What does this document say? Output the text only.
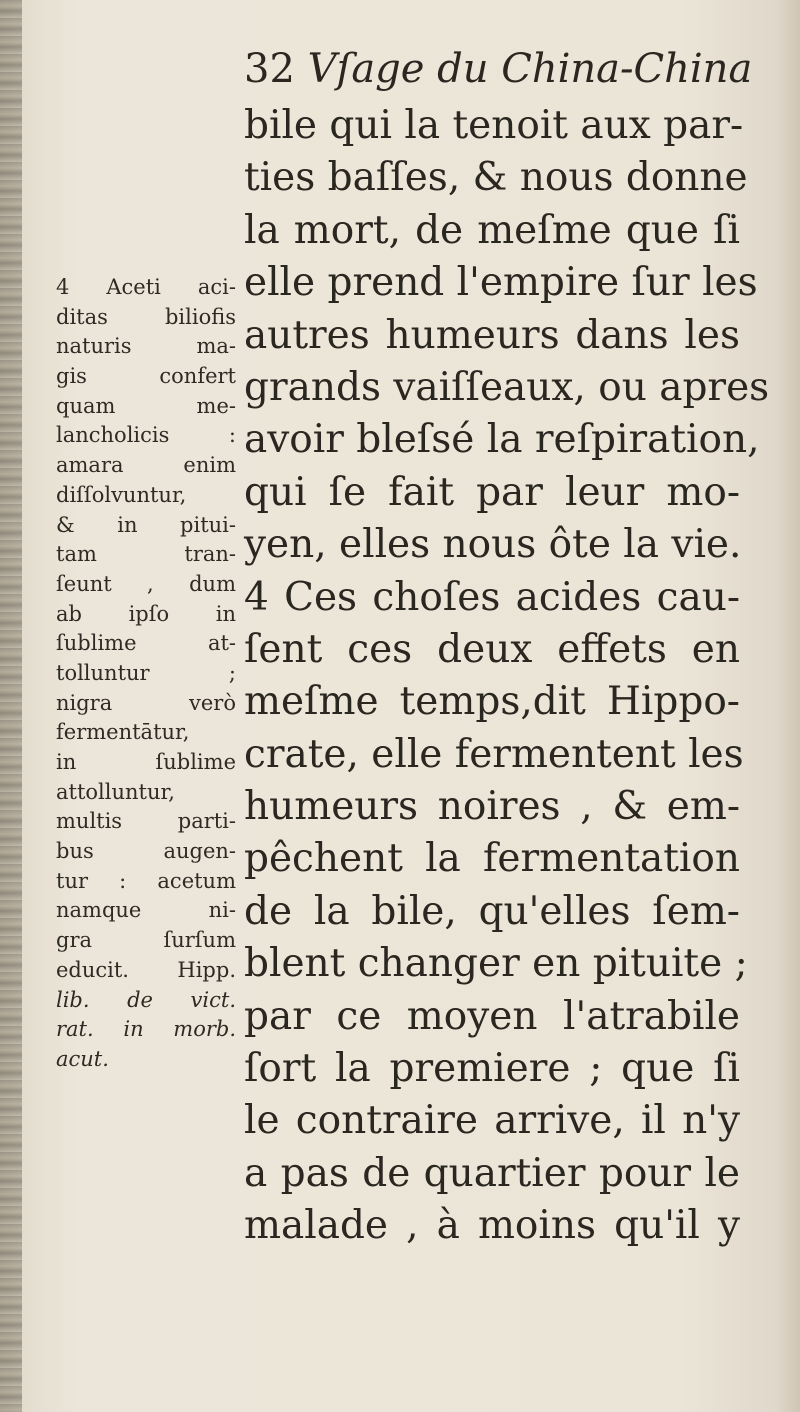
32 Vſage du China-China
bile qui la tenoit aux par-
ties baſſes, & nous donne
la mort, de meſme que ſi
elle prend l'empire ſur les
autres humeurs dans les
grands vaiſſeaux, ou apres
avoir bleſsé la reſpiration,
qui ſe fait par leur mo-
yen, elles nous ôte la vie.
4 Ces choſes acides cau-
ſent ces deux effets en
meſme temps,dit Hippo-
crate, elle fermentent les
humeurs noires , & em-
pêchent la fermentation
de la bile, qu'elles ſem-
blent changer en pituite ;
par ce moyen l'atrabile
ſort la premiere ; que ſi
le contraire arrive, il n'y
a pas de quartier pour le
malade , à moins qu'il y
4 Aceti aci-
ditas biliofis
naturis ma-
gis confert
quam me-
lancholicis :
amara enim
diſſolvuntur,
& in pitui-
tam tran-
ſeunt , dum
ab ipſo in
ſublime at-
tolluntur ;
nigra verò
fermentātur,
in ſublime
attolluntur,
multis parti-
bus augen-
tur : acetum
namque ni-
gra ſurſum
educit. Hipp.
lib. de vict.
rat. in morb.
acut.
